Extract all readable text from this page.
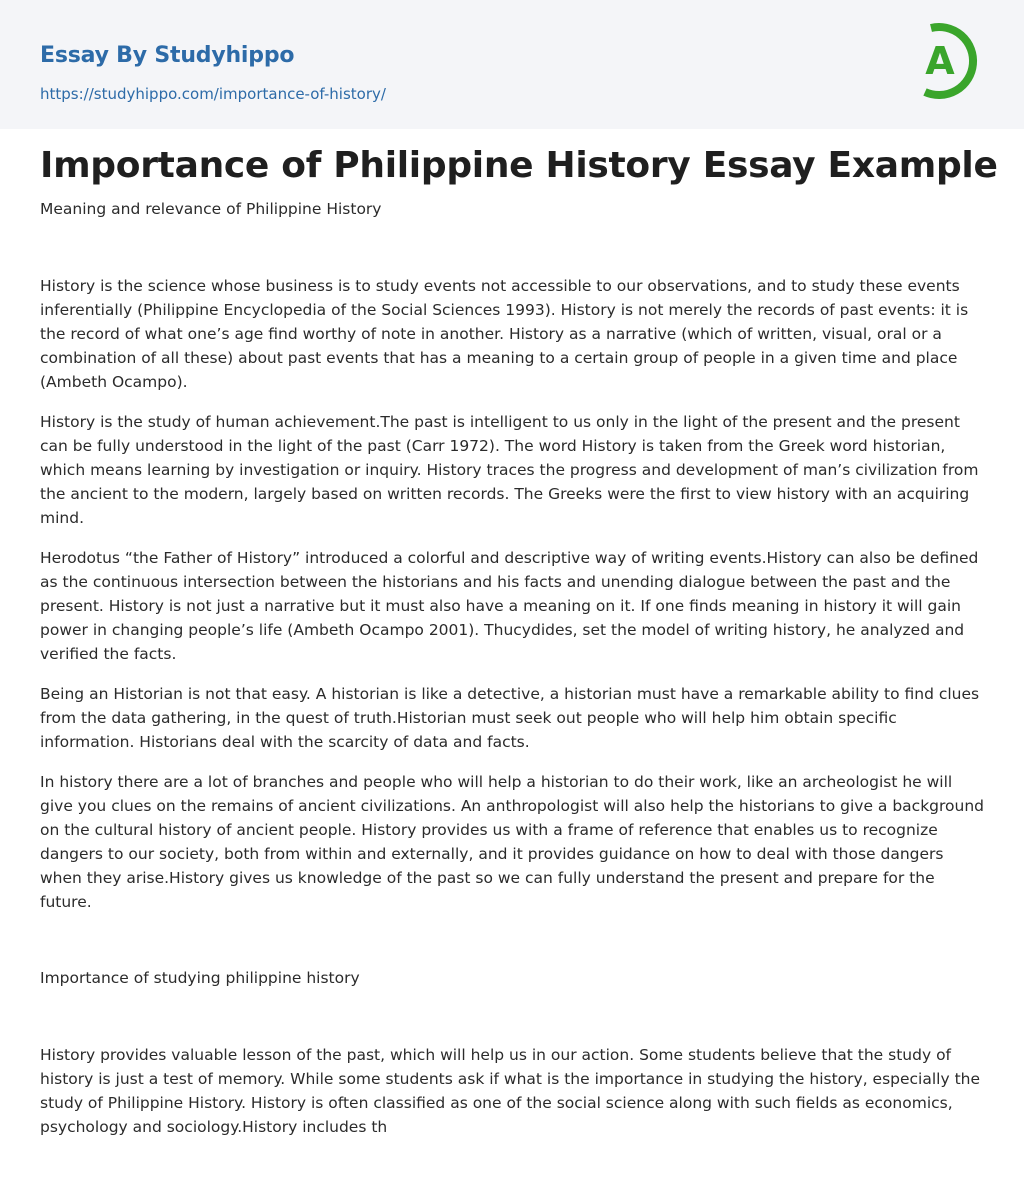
Essay By Studyhippo
https://studyhippo.com/importance-of-history/
A
Importance of Philippine History Essay Example
Meaning and relevance of Philippine History

History is the science whose business is to study events not accessible to our observations, and to study these events inferentially (Philippine Encyclopedia of the Social Sciences 1993). History is not merely the records of past events: it is the record of what one’s age find worthy of note in another. History as a narrative (which of written, visual, oral or a combination of all these) about past events that has a meaning to a certain group of people in a given time and place (Ambeth Ocampo).

History is the study of human achievement.The past is intelligent to us only in the light of the present and the present can be fully understood in the light of the past (Carr 1972). The word History is taken from the Greek word historian, which means learning by investigation or inquiry. History traces the progress and development of man’s civilization from the ancient to the modern, largely based on written records. The Greeks were the first to view history with an acquiring mind.

Herodotus “the Father of History” introduced a colorful and descriptive way of writing events.History can also be defined as the continuous intersection between the historians and his facts and unending dialogue between the past and the present. History is not just a narrative but it must also have a meaning on it. If one finds meaning in history it will gain power in changing people’s life (Ambeth Ocampo 2001). Thucydides, set the model of writing history, he analyzed and verified the facts.

Being an Historian is not that easy. A historian is like a detective, a historian must have a remarkable ability to find clues from the data gathering, in the quest of truth.Historian must seek out people who will help him obtain specific information. Historians deal with the scarcity of data and facts.

In history there are a lot of branches and people who will help a historian to do their work, like an archeologist he will give you clues on the remains of ancient civilizations. An anthropologist will also help the historians to give a background on the cultural history of ancient people. History provides us with a frame of reference that enables us to recognize dangers to our society, both from within and externally, and it provides guidance on how to deal with those dangers when they arise.History gives us knowledge of the past so we can fully understand the present and prepare for the future.

Importance of studying philippine history

History provides valuable lesson of the past, which will help us in our action. Some students believe that the study of history is just a test of memory. While some students ask if what is the importance in studying the history, especially the study of Philippine History. History is often classified as one of the social science along with such fields as economics, psychology and sociology.History includes th
